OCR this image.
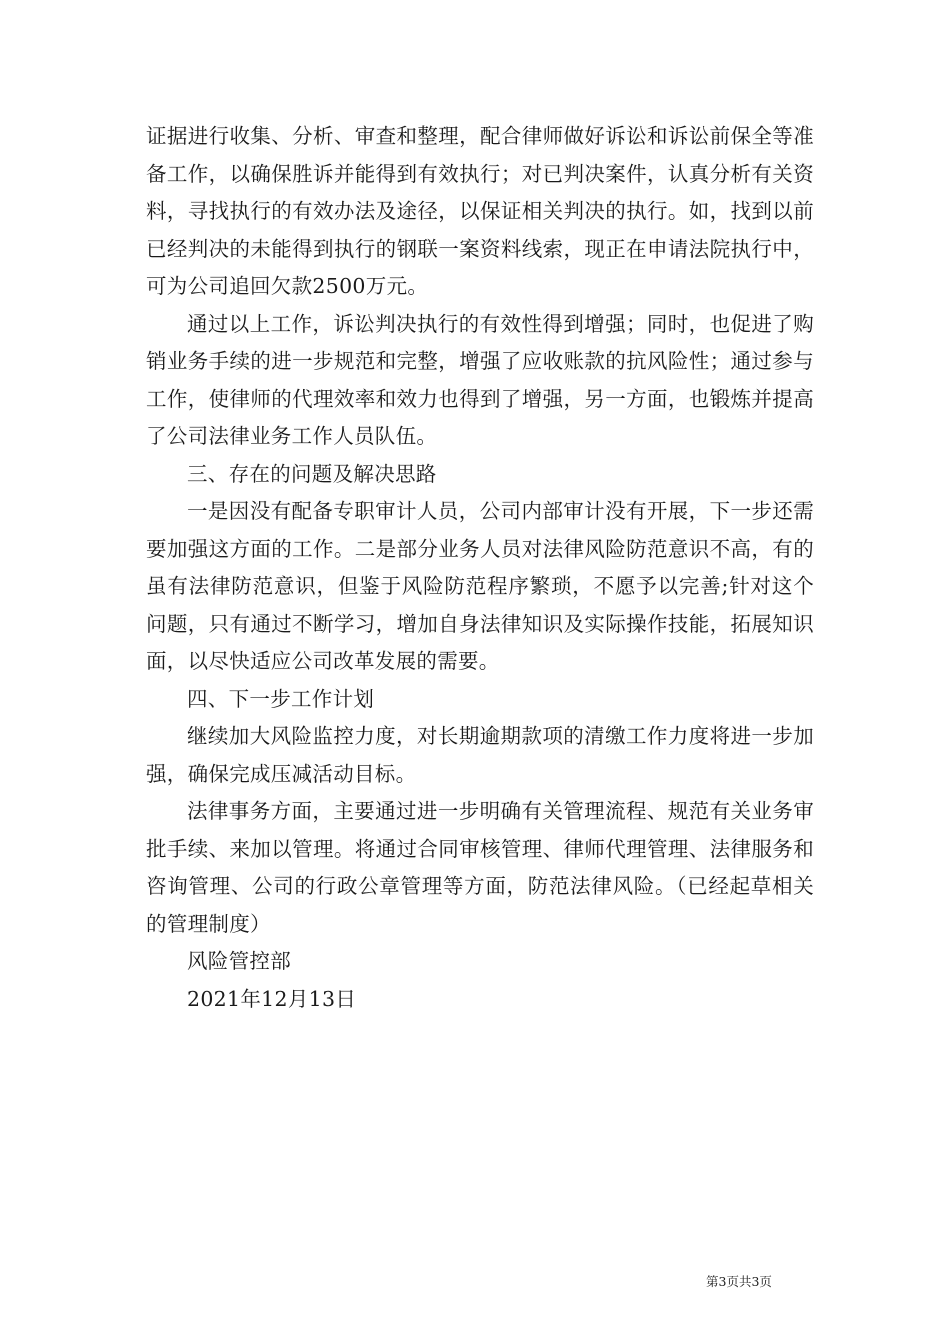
证据进行收集、分析、审查和整理，配合律师做好诉讼和诉讼前保全等准备工作，以确保胜诉并能得到有效执行；对已判决案件，认真分析有关资料，寻找执行的有效办法及途径，以保证相关判决的执行。如，找到以前已经判决的未能得到执行的钢联一案资料线索，现正在申请法院执行中，可为公司追回欠款2500万元。

通过以上工作，诉讼判决执行的有效性得到增强；同时，也促进了购销业务手续的进一步规范和完整，增强了应收账款的抗风险性；通过参与工作，使律师的代理效率和效力也得到了增强，另一方面，也锻炼并提高了公司法律业务工作人员队伍。

三、存在的问题及解决思路

一是因没有配备专职审计人员，公司内部审计没有开展，下一步还需要加强这方面的工作。二是部分业务人员对法律风险防范意识不高，有的虽有法律防范意识，但鉴于风险防范程序繁琐，不愿予以完善;针对这个问题，只有通过不断学习，增加自身法律知识及实际操作技能，拓展知识面，以尽快适应公司改革发展的需要。

四、下一步工作计划

继续加大风险监控力度，对长期逾期款项的清缴工作力度将进一步加强，确保完成压减活动目标。

法律事务方面，主要通过进一步明确有关管理流程、规范有关业务审批手续、来加以管理。将通过合同审核管理、律师代理管理、法律服务和咨询管理、公司的行政公章管理等方面，防范法律风险。（已经起草相关的管理制度）

风险管控部

2021年12月13日

第3页共3页
